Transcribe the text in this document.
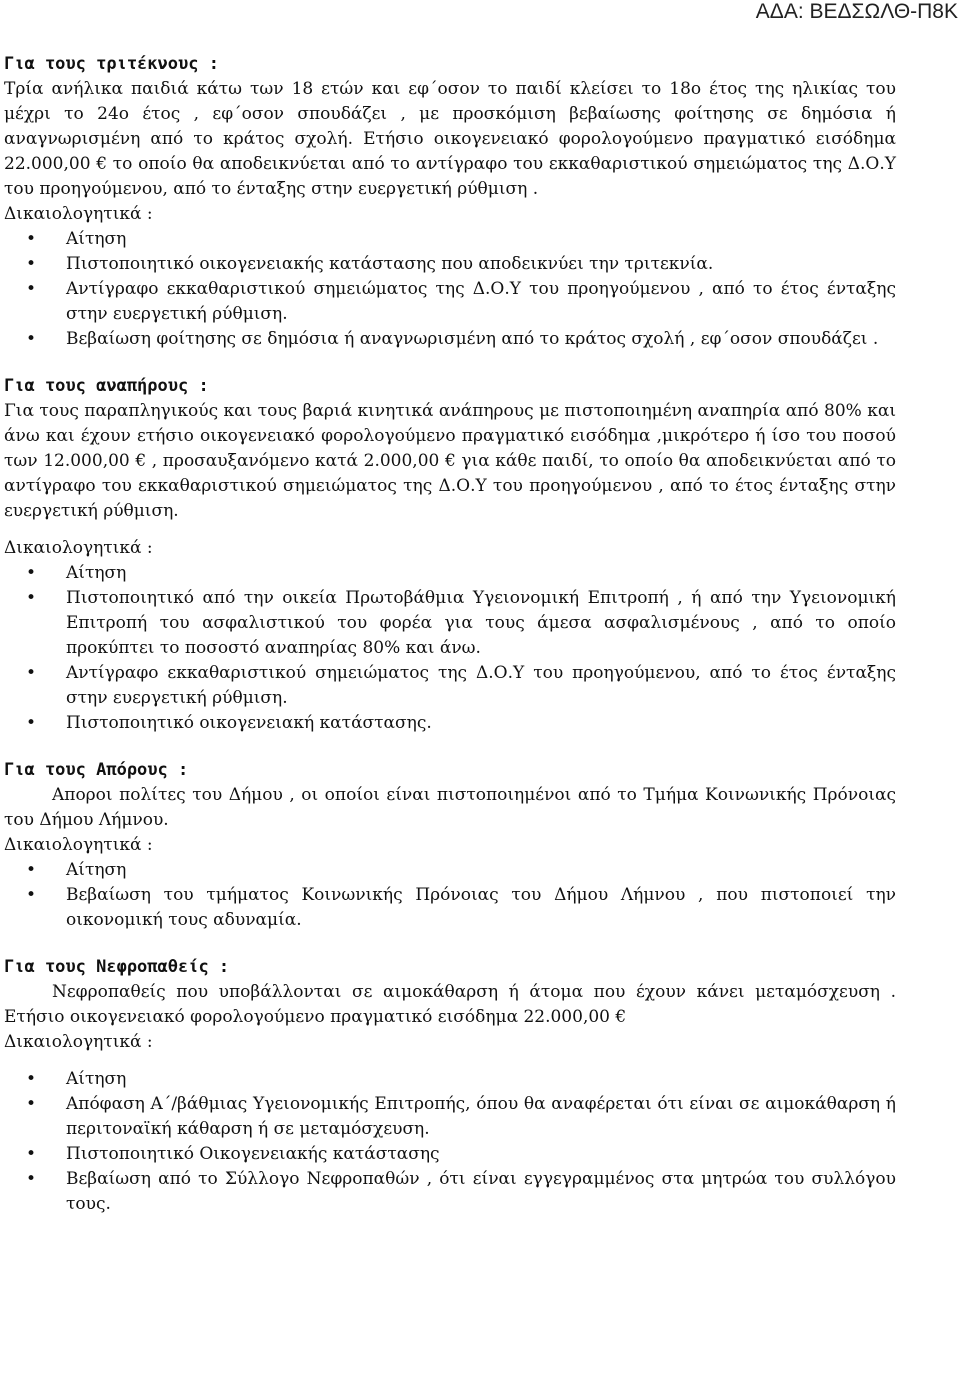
ΑΔΑ: ΒΕΔΣΩΛΘ-Π8Κ
Για τους τριτέκνους :

Τρία ανήλικα παιδιά κάτω των 18 ετών και εφ΄οσον το παιδί κλείσει το 18ο έτος της ηλικίας του μέχρι το 24ο έτος , εφ΄οσον σπουδάζει , με προσκόμιση βεβαίωσης φοίτησης σε δημόσια ή αναγνωρισμένη από το κράτος σχολή. Ετήσιο οικογενειακό φορολογούμενο πραγματικό εισόδημα 22.000,00 € το οποίο θα αποδεικνύεται από το αντίγραφο του εκκαθαριστικού σημειώματος της Δ.Ο.Υ του προηγούμενου, από το ένταξης στην ευεργετική ρύθμιση .

Δικαιολογητικά :

• Αίτηση
• Πιστοποιητικό οικογενειακής κατάστασης που αποδεικνύει την τριτεκνία.
• Αντίγραφο εκκαθαριστικού σημειώματος της Δ.Ο.Υ του προηγούμενου , από το έτος ένταξης στην ευεργετική ρύθμιση.
• Βεβαίωση φοίτησης σε δημόσια ή αναγνωρισμένη από το κράτος σχολή , εφ΄οσον σπουδάζει .
Για τους αναπήρους :

Για τους παραπληγικούς και τους βαριά κινητικά ανάπηρους με πιστοποιημένη αναπηρία από 80% και άνω και έχουν ετήσιο οικογενειακό φορολογούμενο πραγματικό εισόδημα ,μικρότερο ή ίσο του ποσού των 12.000,00 € , προσαυξανόμενο κατά 2.000,00 € για κάθε παιδί, το οποίο θα αποδεικνύεται από το αντίγραφο του εκκαθαριστικού σημειώματος της Δ.Ο.Υ του προηγούμενου , από το έτος ένταξης στην ευεργετική ρύθμιση.

Δικαιολογητικά :

• Αίτηση
• Πιστοποιητικό από την οικεία Πρωτοβάθμια Υγειονομική Επιτροπή , ή από την Υγειονομική Επιτροπή του ασφαλιστικού του φορέα για τους άμεσα ασφαλισμένους , από το οποίο προκύπτει το ποσοστό αναπηρίας 80% και άνω.
• Αντίγραφο εκκαθαριστικού σημειώματος της Δ.Ο.Υ του προηγούμενου, από το έτος ένταξης στην ευεργετική ρύθμιση.
• Πιστοποιητικό οικογενειακή κατάστασης.
Για τους Απόρους :

Απoροι πολίτες του Δήμου , οι οποίοι είναι πιστοποιημένοι από το Τμήμα Κοινωνικής Πρόνοιας του Δήμου Λήμνου.

Δικαιολογητικά :

• Αίτηση
• Βεβαίωση του τμήματος Κοινωνικής Πρόνοιας του Δήμου Λήμνου , που πιστοποιεί την οικονομική τους αδυναμία.
Για τους Νεφροπαθείς :

Νεφροπαθείς που υποβάλλονται σε αιμοκάθαρση ή άτομα που έχουν κάνει μεταμόσχευση . Ετήσιο οικογενειακό φορολογούμενο πραγματικό εισόδημα 22.000,00 €

Δικαιολογητικά :

• Αίτηση
• Απόφαση Α΄/βάθμιας Υγειονομικής Επιτροπής, όπου θα αναφέρεται ότι είναι σε αιμοκάθαρση ή περιτοναϊκή κάθαρση ή σε μεταμόσχευση.
• Πιστοποιητικό Οικογενειακής κατάστασης
• Βεβαίωση από το Σύλλογο Νεφροπαθών , ότι είναι εγγεγραμμένος στα μητρώα του συλλόγου τους.
